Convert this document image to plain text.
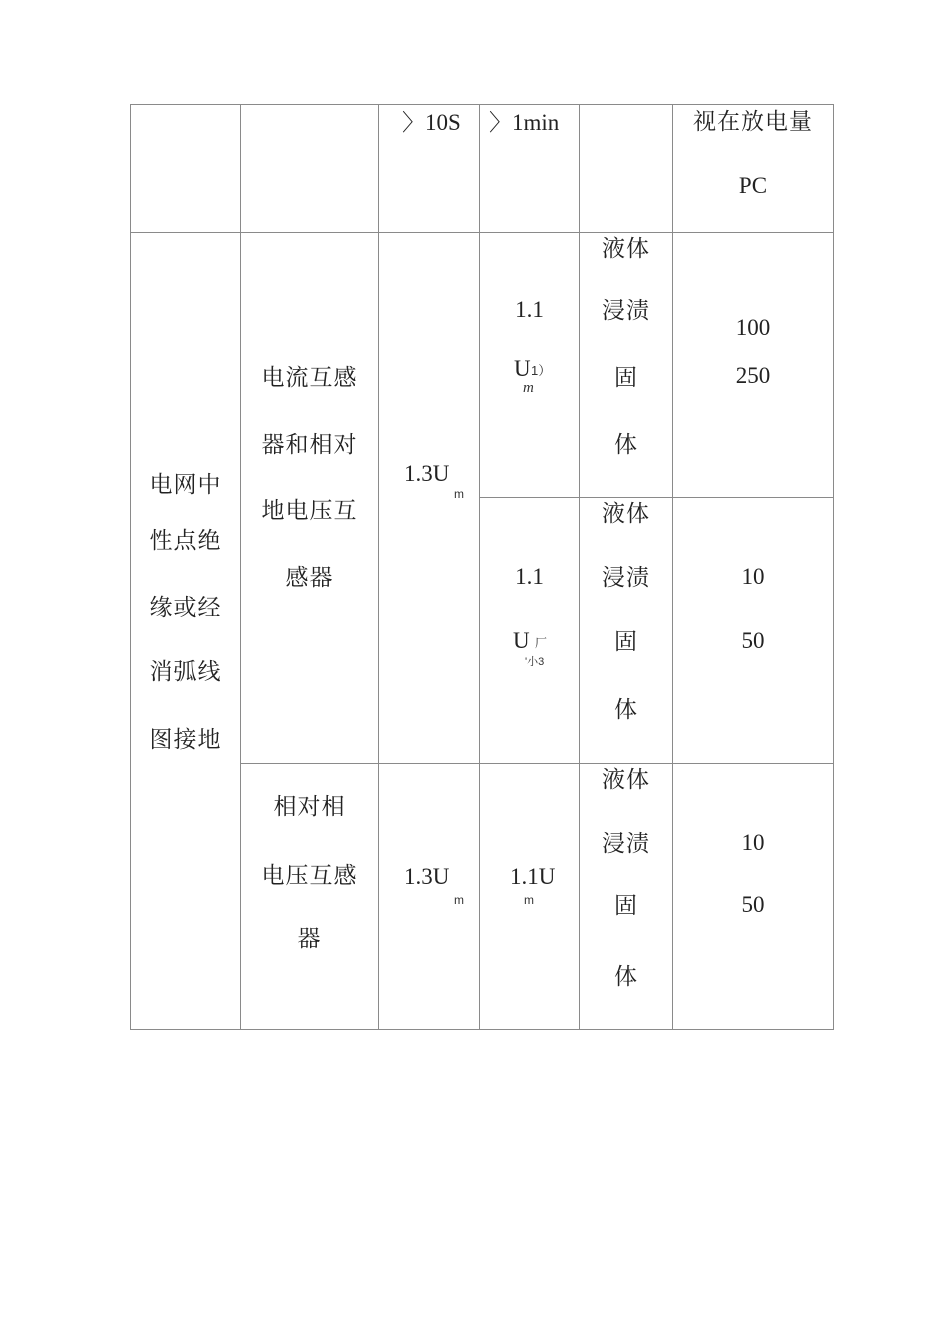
〉10S 〉1min	视在放电量
PC
电网中
性点绝
缘或经
消弧线
图接地
电流互感
器和相对
地电压互
感器
1.3U
m
1.1
U 1）
m
液体
浸渍
固
体
100
250
1.1
U 厂
'小3
液体
浸渍
固
体
10
50
相对相
电压互感
器
1.3U
m
1.1U
m
液体
浸渍
固
体
10
50
